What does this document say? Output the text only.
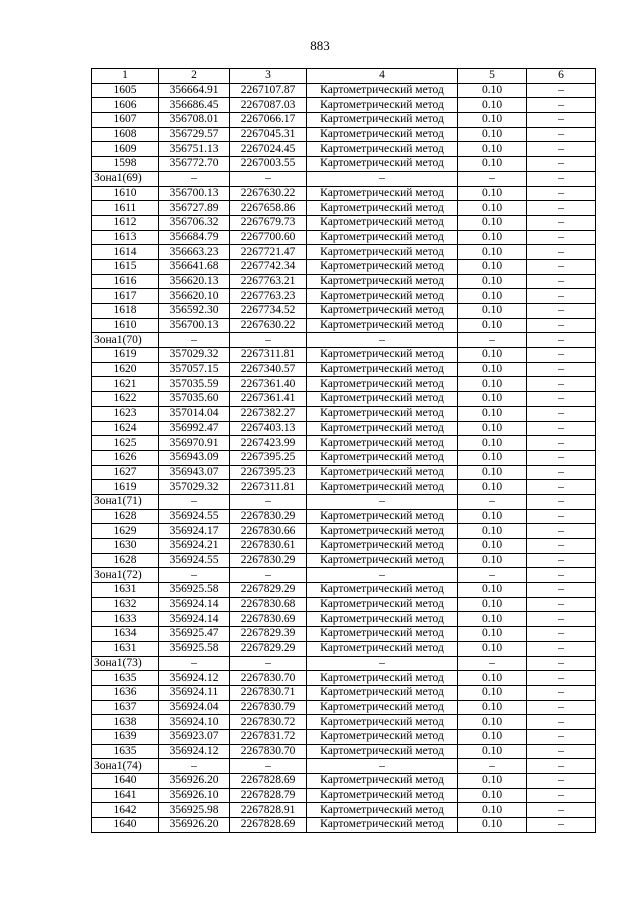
883
1	2	3	4	5	6
1605	356664.91	2267107.87	Картометрический метод	0.10	–
1606	356686.45	2267087.03	Картометрический метод	0.10	–
1607	356708.01	2267066.17	Картометрический метод	0.10	–
1608	356729.57	2267045.31	Картометрический метод	0.10	–
1609	356751.13	2267024.45	Картометрический метод	0.10	–
1598	356772.70	2267003.55	Картометрический метод	0.10	–
Зона1(69)	–	–	–	–	–
1610	356700.13	2267630.22	Картометрический метод	0.10	–
1611	356727.89	2267658.86	Картометрический метод	0.10	–
1612	356706.32	2267679.73	Картометрический метод	0.10	–
1613	356684.79	2267700.60	Картометрический метод	0.10	–
1614	356663.23	2267721.47	Картометрический метод	0.10	–
1615	356641.68	2267742.34	Картометрический метод	0.10	–
1616	356620.13	2267763.21	Картометрический метод	0.10	–
1617	356620.10	2267763.23	Картометрический метод	0.10	–
1618	356592.30	2267734.52	Картометрический метод	0.10	–
1610	356700.13	2267630.22	Картометрический метод	0.10	–
Зона1(70)	–	–	–	–	–
1619	357029.32	2267311.81	Картометрический метод	0.10	–
1620	357057.15	2267340.57	Картометрический метод	0.10	–
1621	357035.59	2267361.40	Картометрический метод	0.10	–
1622	357035.60	2267361.41	Картометрический метод	0.10	–
1623	357014.04	2267382.27	Картометрический метод	0.10	–
1624	356992.47	2267403.13	Картометрический метод	0.10	–
1625	356970.91	2267423.99	Картометрический метод	0.10	–
1626	356943.09	2267395.25	Картометрический метод	0.10	–
1627	356943.07	2267395.23	Картометрический метод	0.10	–
1619	357029.32	2267311.81	Картометрический метод	0.10	–
Зона1(71)	–	–	–	–	–
1628	356924.55	2267830.29	Картометрический метод	0.10	–
1629	356924.17	2267830.66	Картометрический метод	0.10	–
1630	356924.21	2267830.61	Картометрический метод	0.10	–
1628	356924.55	2267830.29	Картометрический метод	0.10	–
Зона1(72)	–	–	–	–	–
1631	356925.58	2267829.29	Картометрический метод	0.10	–
1632	356924.14	2267830.68	Картометрический метод	0.10	–
1633	356924.14	2267830.69	Картометрический метод	0.10	–
1634	356925.47	2267829.39	Картометрический метод	0.10	–
1631	356925.58	2267829.29	Картометрический метод	0.10	–
Зона1(73)	–	–	–	–	–
1635	356924.12	2267830.70	Картометрический метод	0.10	–
1636	356924.11	2267830.71	Картометрический метод	0.10	–
1637	356924.04	2267830.79	Картометрический метод	0.10	–
1638	356924.10	2267830.72	Картометрический метод	0.10	–
1639	356923.07	2267831.72	Картометрический метод	0.10	–
1635	356924.12	2267830.70	Картометрический метод	0.10	–
Зона1(74)	–	–	–	–	–
1640	356926.20	2267828.69	Картометрический метод	0.10	–
1641	356926.10	2267828.79	Картометрический метод	0.10	–
1642	356925.98	2267828.91	Картометрический метод	0.10	–
1640	356926.20	2267828.69	Картометрический метод	0.10	–
